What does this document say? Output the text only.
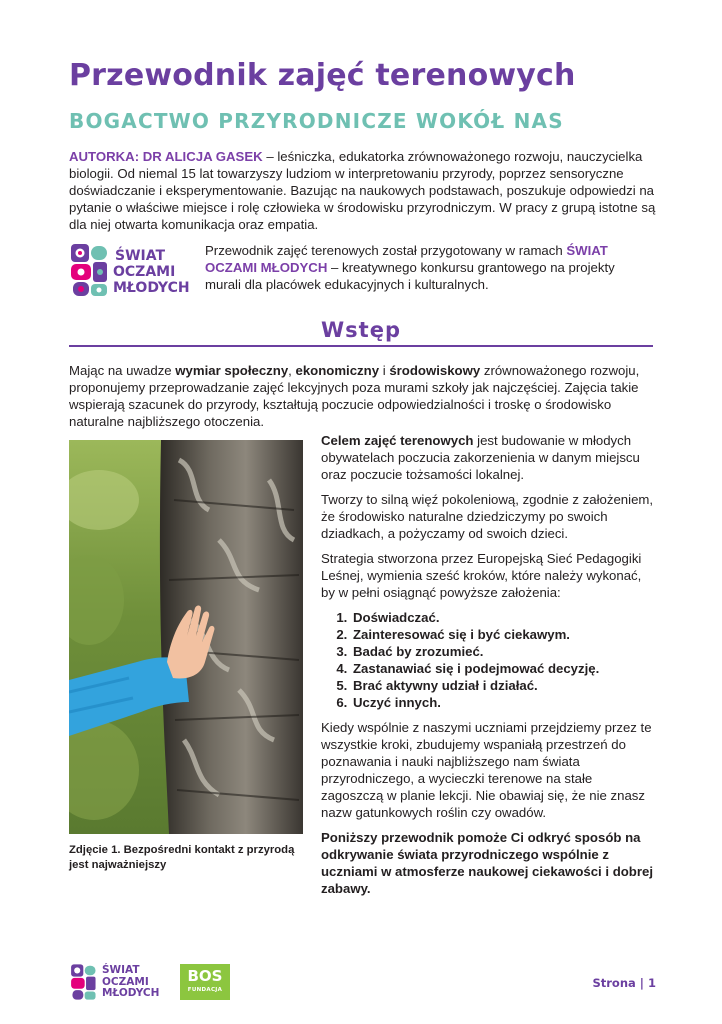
Przewodnik zajęć terenowych
BOGACTWO PRZYRODNICZE WOKÓŁ NAS

AUTORKA: DR ALICJA GASEK – leśniczka, edukatorka zrównoważonego rozwoju, nauczycielka biologii. Od niemal 15 lat towarzyszy ludziom w interpretowaniu przyrody, poprzez sensoryczne doświadczanie i eksperymentowanie. Bazując na naukowych podstawach, poszukuje odpowiedzi na pytanie o właściwe miejsce i rolę człowieka w środowisku przyrodniczym. W pracy z grupą istotne są dla niej otwarta komunikacja oraz empatia.

ŚWIAT
OCZAMI
MŁODYCH

Przewodnik zajęć terenowych został przygotowany w ramach ŚWIAT OCZAMI MŁODYCH – kreatywnego konkursu grantowego na projekty murali dla placówek edukacyjnych i kulturalnych.

Wstęp

Mając na uwadze wymiar społeczny, ekonomiczny i środowiskowy zrównoważonego rozwoju, proponujemy przeprowadzanie zajęć lekcyjnych poza murami szkoły jak najczęściej. Zajęcia takie wspierają szacunek do przyrody, kształtują poczucie odpowiedzialności i troskę o środowisko naturalne najbliższego otoczenia.

Zdjęcie 1. Bezpośredni kontakt z przyrodą jest najważniejszy

Celem zajęć terenowych jest budowanie w młodych obywatelach poczucia zakorzenienia w danym miejscu oraz poczucie tożsamości lokalnej.

Tworzy to silną więź pokoleniową, zgodnie z założeniem, że środowisko naturalne dziedziczymy po swoich dziadkach, a pożyczamy od swoich dzieci.

Strategia stworzona przez Europejską Sieć Pedagogiki Leśnej, wymienia sześć kroków, które należy wykonać, by w pełni osiągnąć powyższe założenia:

1. Doświadczać.
2. Zainteresować się i być ciekawym.
3. Badać by zrozumieć.
4. Zastanawiać się i podejmować decyzję.
5. Brać aktywny udział i działać.
6. Uczyć innych.

Kiedy wspólnie z naszymi uczniami przejdziemy przez te wszystkie kroki, zbudujemy wspaniałą przestrzeń do poznawania i nauki najbliższego nam świata przyrodniczego, a wycieczki terenowe na stałe zagoszczą w planie lekcji. Nie obawiaj się, że nie znasz nazw gatunkowych roślin czy owadów.

Poniższy przewodnik pomoże Ci odkryć sposób na odkrywanie świata przyrodniczego wspólnie z uczniami w atmosferze naukowej ciekawości i dobrej zabawy.

ŚWIAT
OCZAMI
MŁODYCH
BOS
FUNDACJA	Strona | 1
